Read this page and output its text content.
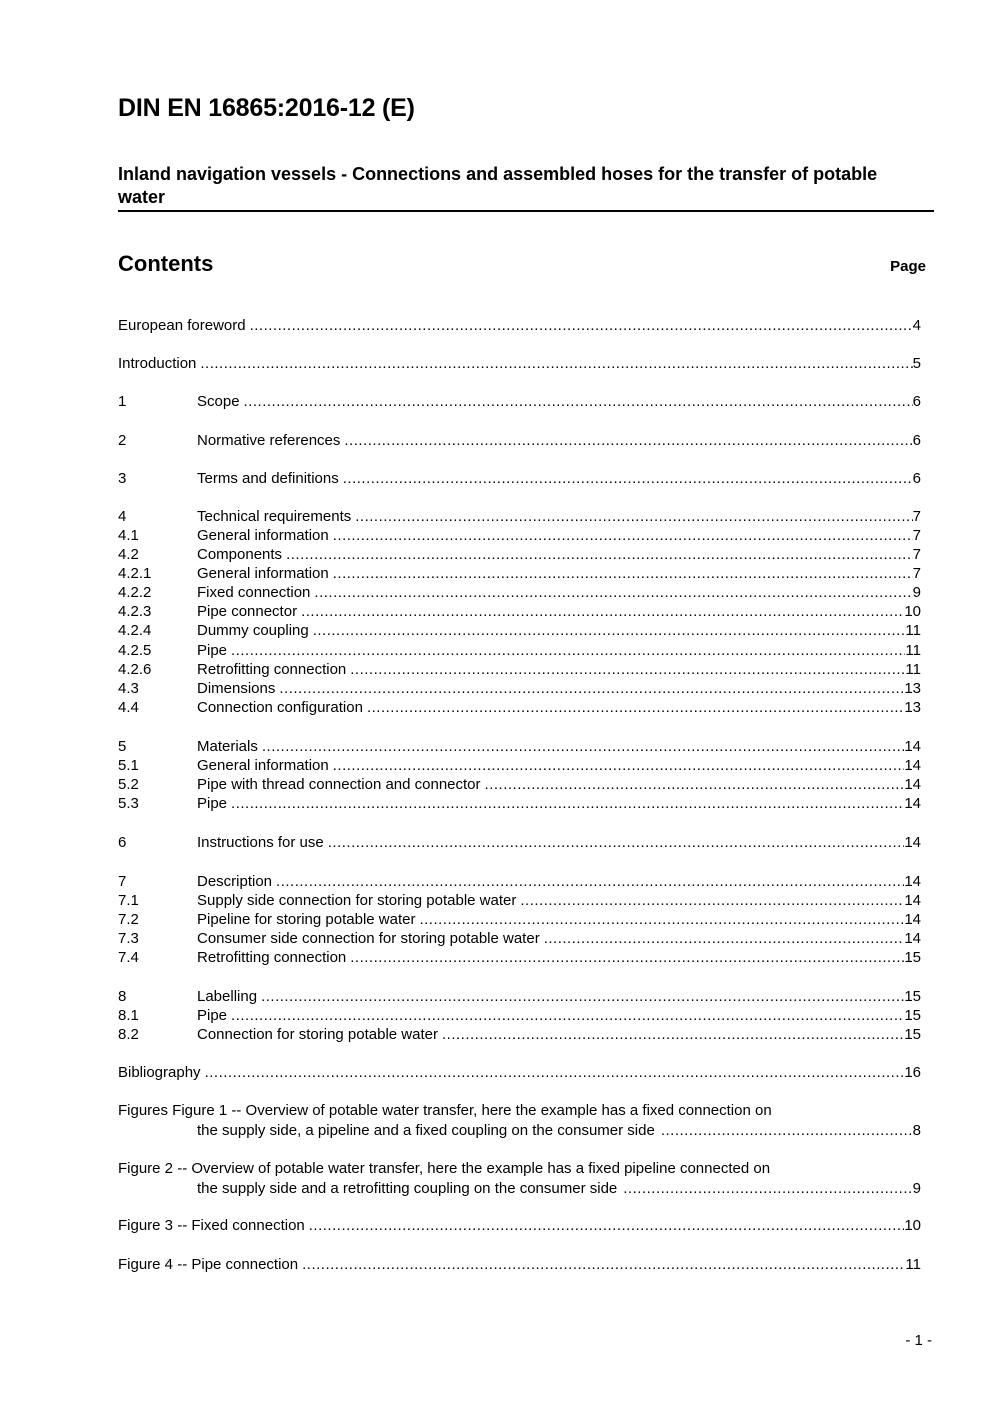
DIN EN 16865:2016-12 (E)
Inland navigation vessels - Connections and assembled hoses for the transfer of potable water
Contents	Page
European foreword .....	4
Introduction .....	5
1	Scope .....	6
2	Normative references .....	6
3	Terms and definitions .....	6
4	Technical requirements .....	7
4.1	General information .....	7
4.2	Components .....	7
4.2.1	General information .....	7
4.2.2	Fixed connection .....	9
4.2.3	Pipe connector .....	10
4.2.4	Dummy coupling .....	11
4.2.5	Pipe .....	11
4.2.6	Retrofitting connection .....	11
4.3	Dimensions .....	13
4.4	Connection configuration .....	13
5	Materials .....	14
5.1	General information .....	14
5.2	Pipe with thread connection and connector .....	14
5.3	Pipe .....	14
6	Instructions for use .....	14
7	Description .....	14
7.1	Supply side connection for storing potable water .....	14
7.2	Pipeline for storing potable water .....	14
7.3	Consumer side connection for storing potable water .....	14
7.4	Retrofitting connection .....	15
8	Labelling .....	15
8.1	Pipe .....	15
8.2	Connection for storing potable water .....	15
Bibliography .....	16
Figures Figure 1 -- Overview of potable water transfer, here the example has a fixed connection on
the supply side, a pipeline and a fixed coupling on the consumer side .....	8
Figure 2 -- Overview of potable water transfer, here the example has a fixed pipeline connected on
the supply side and a retrofitting coupling on the consumer side .....	9
Figure 3 -- Fixed connection .....	10
Figure 4 -- Pipe connection .....	11
- 1 -
